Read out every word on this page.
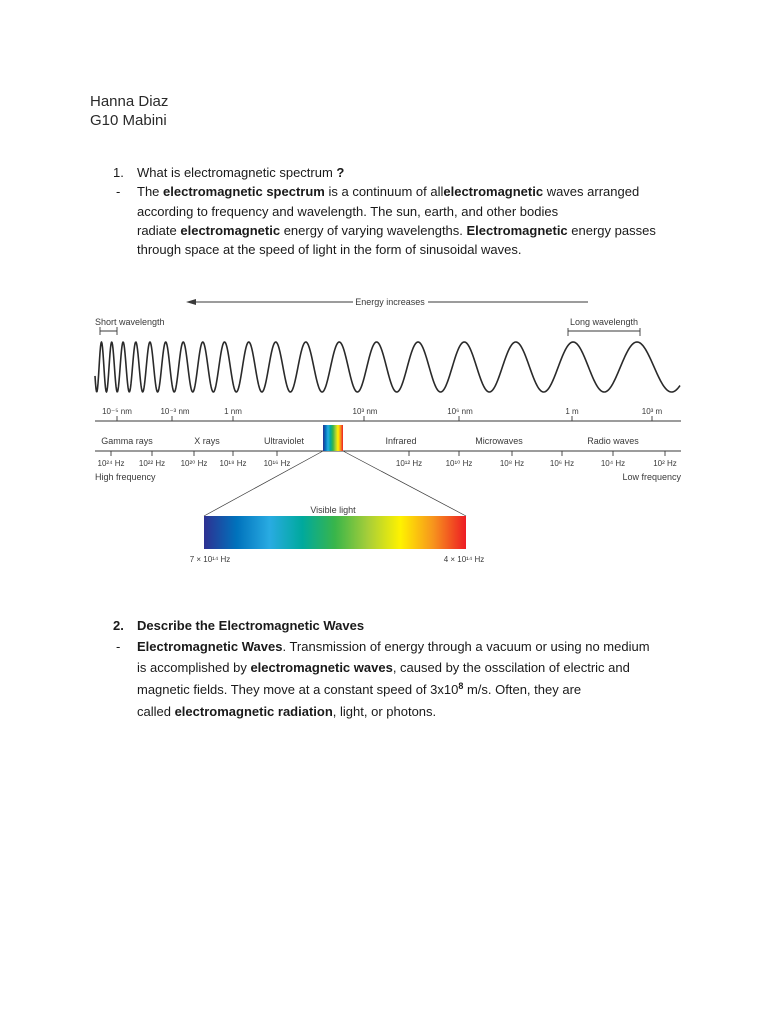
Hanna Diaz
G10 Mabini
1. What is electromagnetic spectrum ?
- The electromagnetic spectrum is a continuum of allelectromagnetic waves arranged
according to frequency and wavelength. The sun, earth, and other bodies
radiate electromagnetic energy of varying wavelengths. Electromagnetic energy passes
through space at the speed of light in the form of sinusoidal waves.
Energy increases
Short wavelength	Long wavelength
10⁻⁵ nm	10⁻³ nm	1 nm	10³ nm	10⁶ nm	1 m	10³ m
Gamma rays	X rays	Ultraviolet	Infrared	Microwaves	Radio waves
10²⁴ Hz 10²² Hz 10²⁰ Hz 10¹⁸ Hz 10¹⁶ Hz	10¹² Hz	10¹⁰ Hz	10⁸ Hz	10⁶ Hz	10⁴ Hz	10² Hz
High frequency	Low frequency
Visible light
7 × 10¹⁴ Hz	4 × 10¹⁴ Hz
2. Describe the Electromagnetic Waves
- Electromagnetic Waves. Transmission of energy through a vacuum or using no medium
is accomplished by electromagnetic waves, caused by the osscilation of electric and
magnetic fields. They move at a constant speed of $3x10^8$ m/s. Often, they are
called electromagnetic radiation, light, or photons.
